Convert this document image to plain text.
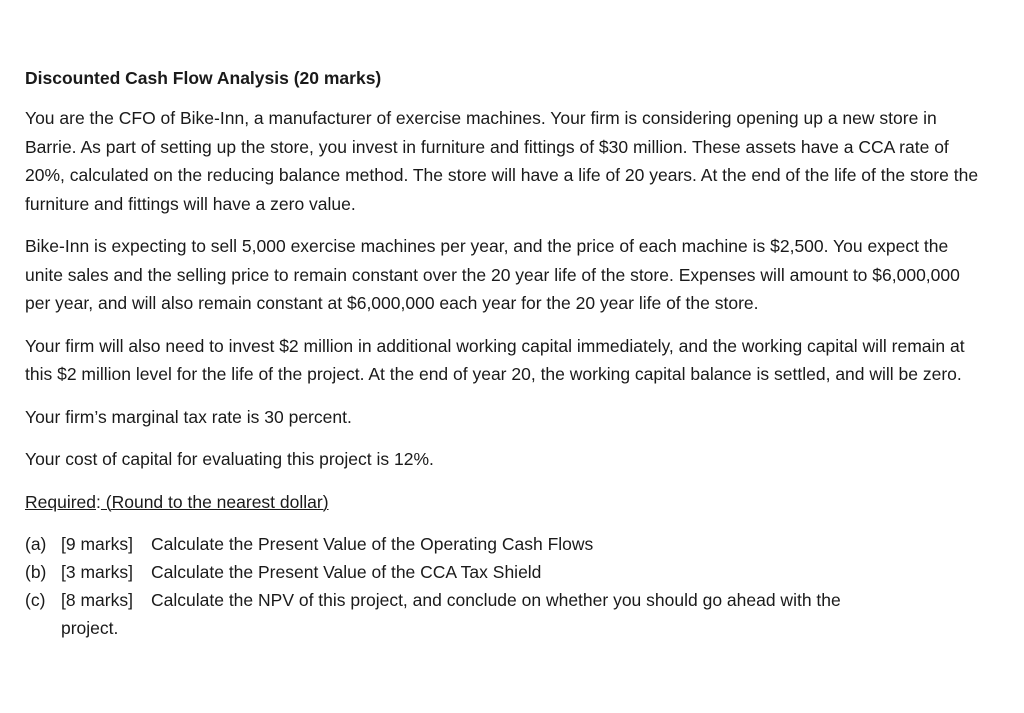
Discounted Cash Flow Analysis (20 marks)

You are the CFO of Bike-Inn, a manufacturer of exercise machines. Your firm is considering opening up a new store in Barrie. As part of setting up the store, you invest in furniture and fittings of $30 million. These assets have a CCA rate of 20%, calculated on the reducing balance method. The store will have a life of 20 years. At the end of the life of the store the furniture and fittings will have a zero value.

Bike-Inn is expecting to sell 5,000 exercise machines per year, and the price of each machine is $2,500. You expect the unite sales and the selling price to remain constant over the 20 year life of the store. Expenses will amount to $6,000,000 per year, and will also remain constant at $6,000,000 each year for the 20 year life of the store.

Your firm will also need to invest $2 million in additional working capital immediately, and the working capital will remain at this $2 million level for the life of the project. At the end of year 20, the working capital balance is settled, and will be zero.

Your firm’s marginal tax rate is 30 percent.

Your cost of capital for evaluating this project is 12%.

Required: (Round to the nearest dollar)

(a) [9 marks]	Calculate the Present Value of the Operating Cash Flows
(b) [3 marks]	Calculate the Present Value of the CCA Tax Shield
(c) [8 marks] Calculate the NPV of this project, and conclude on whether you should go ahead with the
project.
